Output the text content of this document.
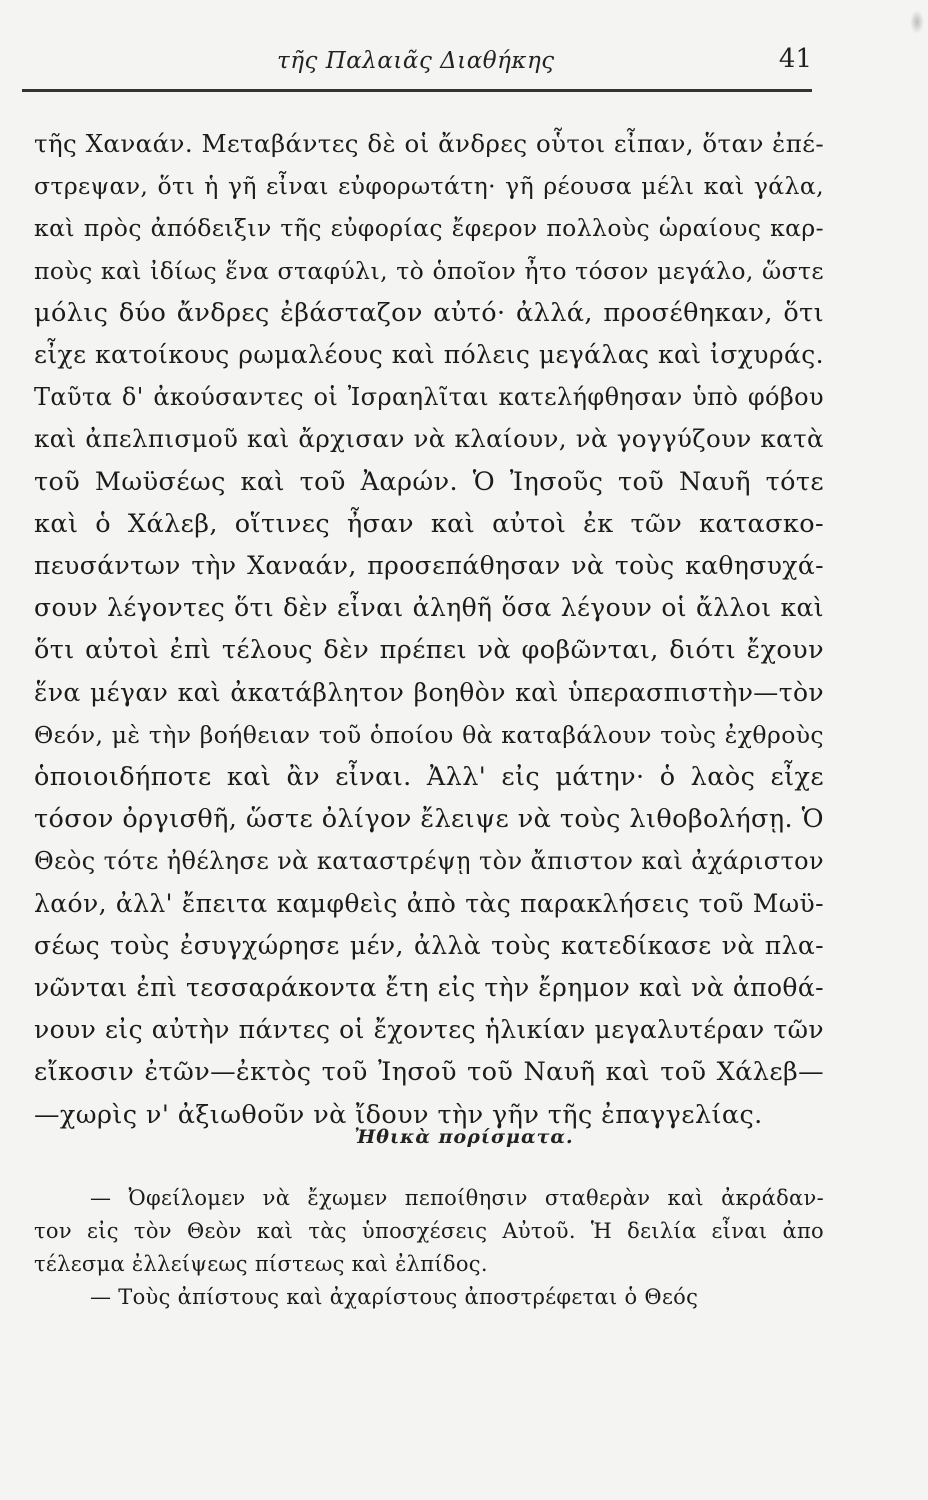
τῆς Παλαιᾶς Διαθήκης	41
τῆς Χαναάν. Μεταβάντες δὲ οἱ ἄνδρες οὗτοι εἶπαν, ὅταν ἐπέ-
στρεψαν, ὅτι ἡ γῆ εἶναι εὐφορωτάτη· γῆ ρέουσα μέλι καὶ γάλα,
καὶ πρὸς ἀπόδειξιν τῆς εὐφορίας ἔφερον πολλοὺς ὡραίους καρ-
ποὺς καὶ ἰδίως ἕνα σταφύλι, τὸ ὁποῖον ἦτο τόσον μεγάλο, ὥστε
μόλις δύο ἄνδρες ἐβάσταζον αὐτό· ἀλλά, προσέθηκαν, ὅτι
εἶχε κατοίκους ρωμαλέους καὶ πόλεις μεγάλας καὶ ἰσχυράς.
Ταῦτα δ' ἀκούσαντες οἱ Ἰσραηλῖται κατελήφθησαν ὑπὸ φόβου
καὶ ἀπελπισμοῦ καὶ ἄρχισαν νὰ κλαίουν, νὰ γογγύζουν κατὰ
τοῦ Μωϋσέως καὶ τοῦ Ἀαρών. Ὁ Ἰησοῦς τοῦ Ναυῆ τότε
καὶ ὁ Χάλεβ, οἵτινες ἦσαν καὶ αὐτοὶ ἐκ τῶν κατασκο-
πευσάντων τὴν Χαναάν, προσεπάθησαν νὰ τοὺς καθησυχά-
σουν λέγοντες ὅτι δὲν εἶναι ἀληθῆ ὅσα λέγουν οἱ ἄλλοι καὶ
ὅτι αὐτοὶ ἐπὶ τέλους δὲν πρέπει νὰ φοβῶνται, διότι ἔχουν
ἕνα μέγαν καὶ ἀκατάβλητον βοηθὸν καὶ ὑπερασπιστὴν—τὸν
Θεόν, μὲ τὴν βοήθειαν τοῦ ὁποίου θὰ καταβάλουν τοὺς ἐχθροὺς
ὁποιοιδήποτε καὶ ἂν εἶναι. Ἀλλ' εἰς μάτην· ὁ λαὸς εἶχε
τόσον ὀργισθῆ, ὥστε ὀλίγον ἔλειψε νὰ τοὺς λιθοβολήσῃ. Ὁ
Θεὸς τότε ἠθέλησε νὰ καταστρέψῃ τὸν ἄπιστον καὶ ἀχάριστον
λαόν, ἀλλ' ἔπειτα καμφθεὶς ἀπὸ τὰς παρακλήσεις τοῦ Μωϋ-
σέως τοὺς ἐσυγχώρησε μέν, ἀλλὰ τοὺς κατεδίκασε νὰ πλα-
νῶνται ἐπὶ τεσσαράκοντα ἔτη εἰς τὴν ἔρημον καὶ νὰ ἀποθά-
νουν εἰς αὐτὴν πάντες οἱ ἔχοντες ἡλικίαν μεγαλυτέραν τῶν
εἴκοσιν ἐτῶν—ἐκτὸς τοῦ Ἰησοῦ τοῦ Ναυῆ καὶ τοῦ Χάλεβ—
—χωρὶς ν' ἀξιωθοῦν νὰ ἴδουν τὴν γῆν τῆς ἐπαγγελίας.
Ἠθικὰ πορίσματα.
— Ὀφείλομεν νὰ ἔχωμεν πεποίθησιν σταθερὰν καὶ ἀκράδαν-
τον εἰς τὸν Θεὸν καὶ τὰς ὑποσχέσεις Αὐτοῦ. Ἡ δειλία εἶναι ἀπο
τέλεσμα ἐλλείψεως πίστεως καὶ ἐλπίδος.
— Τοὺς ἀπίστους καὶ ἀχαρίστους ἀποστρέφεται ὁ Θεός
